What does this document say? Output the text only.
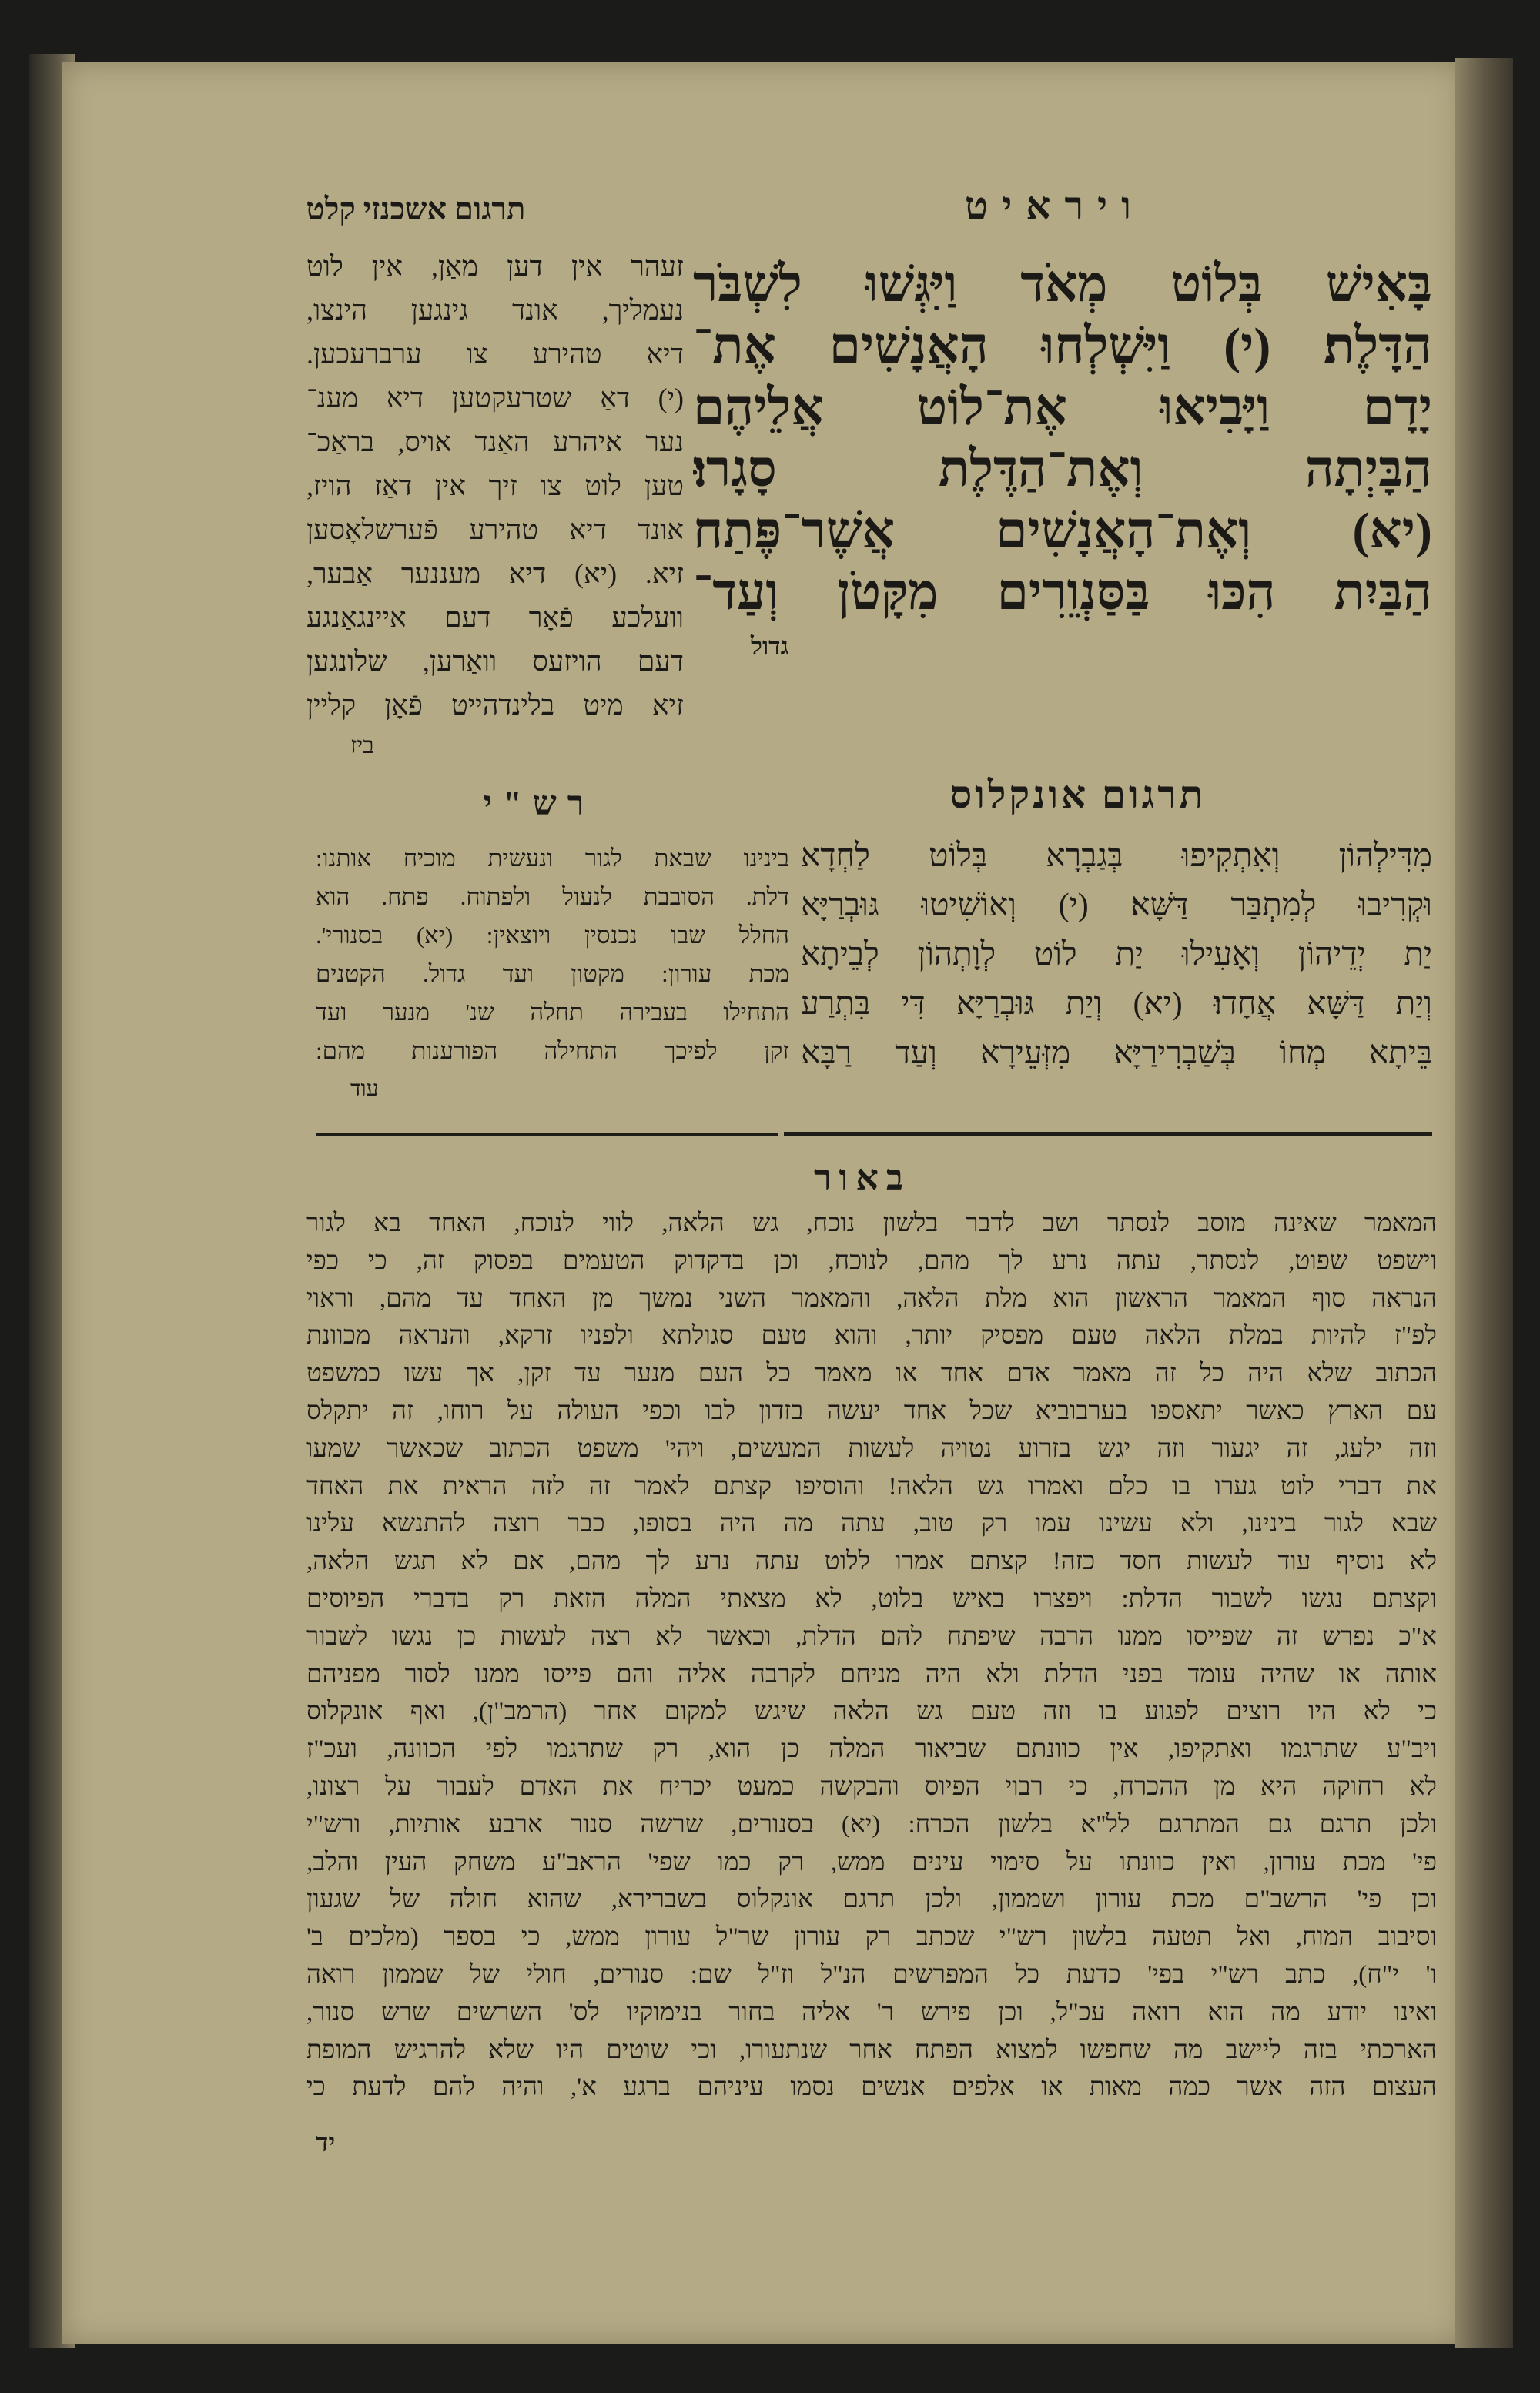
ויראיט
בָּאִישׁ בְּלוֹט מְאֹד וַיִּגְּשׁוּ לִשְׁבֹּר
הַדָּלֶת׃ (י) וַיִּשְׁלְחוּ הָאֲנָשִׁים אֶת־
יָדָם וַיָּבִיאוּ אֶת־לוֹט אֲלֵיהֶם
הַבָּיְתָה וְאֶת־הַדֶּלֶת סָגָרוּ׃
(יא) וְאֶת־הָאֲנָשִׁים אֲשֶׁר־פֶּתַח
הַבַּיִת הִכּוּ בַּסַּנְוֵרִים מִקָּטֹן וְעַד־
גדול
תרגום אשכנזי קלט
זעהר אין דען מאַן, אין לוט
נעמליך, אונד גינגען הינצו,
דיא טהירע צו ערברעכען.
(י) דאַ שטרעקטען דיא מענ־
נער איהרע האַנד אויס, בראַכ־
טען לוט צו זיך אין דאַז הויז,
אונד דיא טהירע פֿערשלאָסען
זיא. (יא) דיא מעננער אַבער,
וועלכע פֿאָר דעם איינגאַנגע
דעם הויזעס וואַרען, שלונגען
זיא מיט בלינדהייט פֿאָן קליין
ביז
רש"י
בינינו שבאת לגור ונעשית מוכיח אותנו:
דלת. הסובבת לנעול ולפתוח. פתח. הוא
החלל שבו נכנסין ויוצאין: (יא) בסנורי'.
מכת עורון: מקטון ועד גדול. הקטנים
התחילו בעבירה תחלה שנ' מנער ועד
זקן לפיכך התחילה הפורענות מהם:
עוד
תרגום אונקלוס
מִדִּילְהוֹן וְאִתְקִיפוּ בְּגַבְרָא בְּלוֹט לַחְדָא
וּקְרִיבוּ לְמִתְבַּר דַּשָּׁא׃ (י) וְאוֹשִׁיטוּ גּוּבְרַיָּא
יַת יְדֵיהוֹן וְאָעִילוּ יַת לוֹט לְוָתְהוֹן לְבֵיתָא
וְיַת דַּשָּׁא אֲחָדוּ׃ (יא) וְיַת גּוּבְרַיָּא דִּי בִּתְרַע
בֵּיתָא מְחוֹ בְּשַׁבְרִירַיָּא מִזְּעֵירָא וְעַד רַבָּא
באור
המאמר שאינה מוסב לנסתר ושב לדבר בלשון נוכח, גש הלאה, לווי לנוכח, האחד בא לגור
וישפט שפוט, לנסתר, עתה נרע לך מהם, לנוכח, וכן בדקדוק הטעמים בפסוק זה, כי כפי
הנראה סוף המאמר הראשון הוא מלת הלאה, והמאמר השני נמשך מן האחד עד מהם, וראוי
לפ"ז להיות במלת הלאה טעם מפסיק יותר, והוא טעם סגולתא ולפניו זרקא, והנראה מכוונת
הכתוב שלא היה כל זה מאמר אדם אחד או מאמר כל העם מנער עד זקן, אך עשו כמשפט
עם הארץ כאשר יתאספו בערבוביא שכל אחד יעשה בזדון לבו וכפי העולה על רוחו, זה יתקלס
וזה ילעג, זה יגעור וזה יגש בזרוע נטויה לעשות המעשים, ויהי' משפט הכתוב שכאשר שמעו
את דברי לוט גערו בו כלם ואמרו גש הלאה! והוסיפו קצתם לאמר זה לזה הראית את האחד
שבא לגור בינינו, ולא עשינו עמו רק טוב, עתה מה היה בסופו, כבר רוצה להתנשא עלינו
לא נוסיף עוד לעשות חסד כזה! קצתם אמרו ללוט עתה נרע לך מהם, אם לא תגש הלאה,
וקצתם נגשו לשבור הדלת: ויפצרו באיש בלוט, לא מצאתי המלה הזאת רק בדברי הפיוסים
א"כ נפרש זה שפייסו ממנו הרבה שיפתח להם הדלת, וכאשר לא רצה לעשות כן נגשו לשבור
אותה או שהיה עומד בפני הדלת ולא היה מניחם לקרבה אליה והם פייסו ממנו לסור מפניהם
כי לא היו רוצים לפגוע בו וזה טעם גש הלאה שיגש למקום אחר (הרמב"ן), ואף אונקלוס
ויב"ע שתרגמו ואתקיפו, אין כוונתם שביאור המלה כן הוא, רק שתרגמו לפי הכוונה, ועכ"ז
לא רחוקה היא מן ההכרח, כי רבוי הפיוס והבקשה כמעט יכריח את האדם לעבור על רצונו,
ולכן תרגם גם המתרגם לל"א בלשון הכרח: (יא) בסנורים, שרשה סנור ארבע אותיות, ורש"י
פי' מכת עורון, ואין כוונתו על סימוי עינים ממש, רק כמו שפי' הראב"ע משחק העין והלב,
וכן פי' הרשב"ם מכת עורון ושממון, ולכן תרגם אונקלוס בשברירא, שהוא חולה של שגעון
וסיבוב המוח, ואל תטעה בלשון רש"י שכתב רק עורון שר"ל עורון ממש, כי בספר (מלכים ב'
ו' י"ח), כתב רש"י בפי' כדעת כל המפרשים הנ"ל וז"ל שם: סנורים, חולי של שממון רואה
ואינו יודע מה הוא רואה עכ"ל, וכן פירש ר' אליה בחור בנימוקיו לס' השרשים שרש סנור,
הארכתי בזה ליישב מה שחפשו למצוא הפתח אחר שנתעורו, וכי שוטים היו שלא להרגיש המופת
העצום הזה אשר כמה מאות או אלפים אנשים נסמו עיניהם ברגע א', והיה להם לדעת כי
יד
